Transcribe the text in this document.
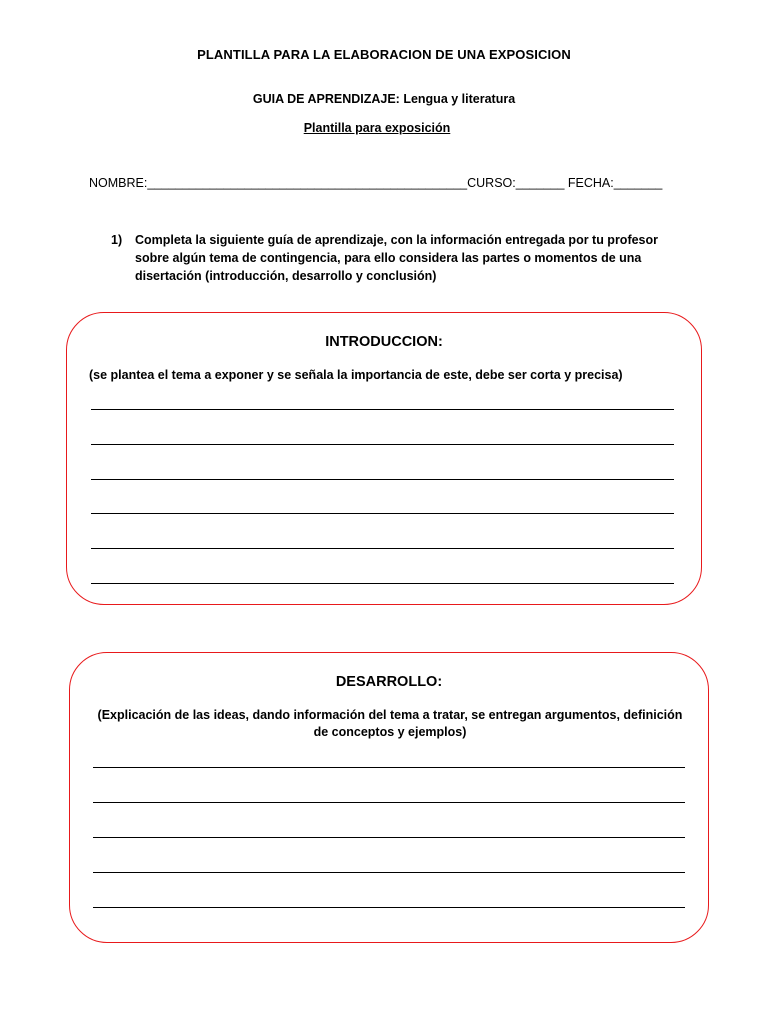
PLANTILLA PARA LA ELABORACION DE UNA EXPOSICION
GUIA DE APRENDIZAJE: Lengua y literatura
Plantilla para exposición
NOMBRE:______________________________________________CURSO:_______ FECHA:_______
1) Completa la siguiente guía de aprendizaje, con la información entregada por tu profesor sobre algún tema de contingencia, para ello considera las partes o momentos de una disertación (introducción, desarrollo y conclusión)
INTRODUCCION:
(se plantea el tema a exponer y se señala la importancia de este, debe ser corta y precisa)
DESARROLLO:
(Explicación de las ideas, dando información del tema a tratar, se entregan argumentos, definición de conceptos y ejemplos)
